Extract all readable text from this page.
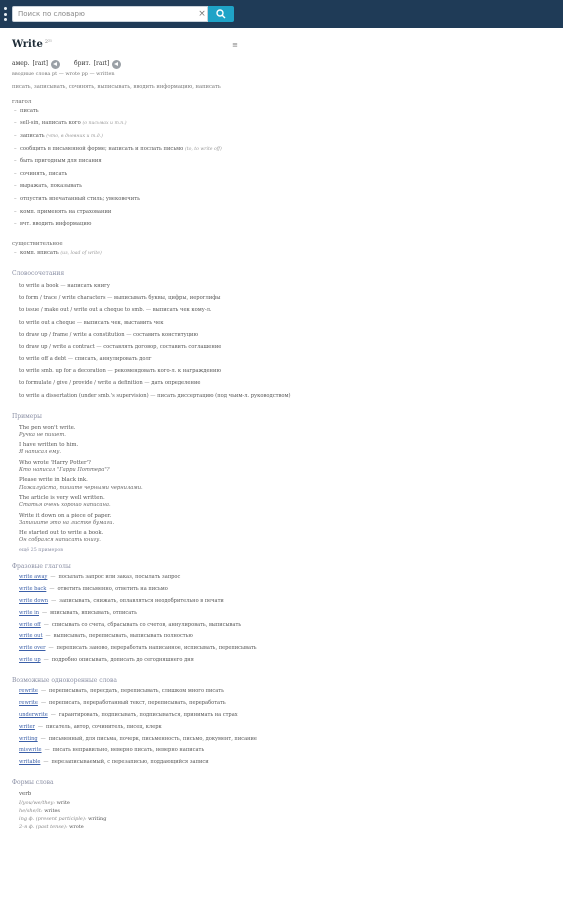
Поиск по словарю
×
Write $^{2^{21}}$	≡
амер. [raɪt]	брит. [raɪt]
вводные слова pt — wrote pp — written
писать, записывать, сочинять, выписывать, вводить информацию, написать
глагол
– писать
– sell-sin, написать кого (о письмах и т.п.)
– записать (что, в дневник и т.д.)
– сообщить в письменной форме; написать и послать письмо (to, to write off)
– быть пригодным для писания
– сочинять, писать
– выражать, показывать
– отпустить впечатанный стиль; увековечить
– комп. применять на страховании
– вчт. вводить информацию
существительное
– комп. вписать (из, load of write)
Словосочетания
to write a book — написать книгу
to form / trace / write characters — выписывать буквы, цифры, иероглифы
to issue / make out / write out a cheque to smb. — выписать чек кому-л.
to write out a cheque — выписать чек, выставить чек
to draw up / frame / write a constitution — составить конституцию
to draw up / write a contract — составлять договор, составить соглашение
to write off a debt — списать, аннулировать долг
to write smb. up for a decoration — рекомендовать кого-л. к награждению
to formulate / give / provide / write a definition — дать определение
to write a dissertation (under smb.'s supervision) — писать диссертацию (под чьим-л. руководством)
Примеры
The pen won't write.
Ручка не пишет.
I have written to him.
Я написал ему.
Who wrote 'Harry Potter'?
Кто написал "Гарри Поттера"?
Please write in black ink.
Пожалуйста, пишите черными чернилами.
The article is very well written.
Статья очень хорошо написана.
Write it down on a piece of paper.
Запишите это на листке бумаги.
He started out to write a book.
Он собрался написать книгу.
ещё 25 примеров
Фразовые глаголы
write away — посылать запрос или заказ, посылать запрос
write back — ответить письменно, ответить на письмо
write down — записывать, снижать, оплавляться неодобрительно в печати
write in — вписывать, вписывать, отписать
write off — списывать со счета, сбрасывать со счетов, аннулировать, выписывать
write out — выписывать, переписывать, выписывать полностью
write over — переписать заново, переработать написанное, исписывать, переписывать
write up — подробно описывать, дописать до сегодняшнего дня
Возможные однокоренные слова
rewrite — переписывать, пересдать, переписывать, слишком много писать
rewrite — переписать, переработанный текст, переписывать, переработать
underwrite — гарантировать, подписывать, подписываться, принимать на страх
writer — писатель, автор, сочинитель, писец, клерк
writing — письменный, для письма, почерк, письменность, письмо, документ, писание
miswrite — писать неправильно, неверно писать, неверно написать
writable — перезаписываемый, с перезаписью, поддающийся записи
Формы слова
verb
I/you/we/they: write
he/she/it: writes
ing ф. (present participle): writing
2-я ф. (past tense): wrote
